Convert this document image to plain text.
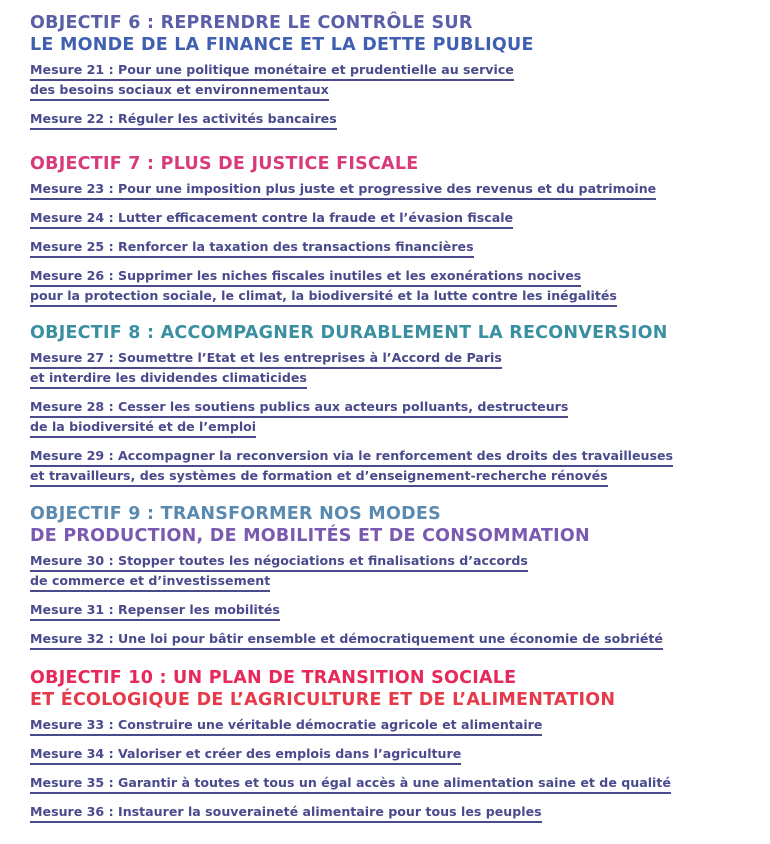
OBJECTIF 6 : REPRENDRE LE CONTRÔLE SUR
LE MONDE DE LA FINANCE ET LA DETTE PUBLIQUE
Mesure 21 : Pour une politique monétaire et prudentielle au service
des besoins sociaux et environnementaux
Mesure 22 : Réguler les activités bancaires
OBJECTIF 7 : PLUS DE JUSTICE FISCALE
Mesure 23 : Pour une imposition plus juste et progressive des revenus et du patrimoine
Mesure 24 : Lutter efficacement contre la fraude et l’évasion fiscale
Mesure 25 : Renforcer la taxation des transactions financières
Mesure 26 : Supprimer les niches fiscales inutiles et les exonérations nocives
pour la protection sociale, le climat, la biodiversité et la lutte contre les inégalités
OBJECTIF 8 : ACCOMPAGNER DURABLEMENT LA RECONVERSION
Mesure 27 : Soumettre l’Etat et les entreprises à l’Accord de Paris
et interdire les dividendes climaticides
Mesure 28 : Cesser les soutiens publics aux acteurs polluants, destructeurs
de la biodiversité et de l’emploi
Mesure 29 : Accompagner la reconversion via le renforcement des droits des travailleuses
et travailleurs, des systèmes de formation et d’enseignement-recherche rénovés
OBJECTIF 9 : TRANSFORMER NOS MODES
DE PRODUCTION, DE MOBILITÉS ET DE CONSOMMATION
Mesure 30 : Stopper toutes les négociations et finalisations d’accords
de commerce et d’investissement
Mesure 31 : Repenser les mobilités
Mesure 32 : Une loi pour bâtir ensemble et démocratiquement une économie de sobriété
OBJECTIF 10 : UN PLAN DE TRANSITION SOCIALE
ET ÉCOLOGIQUE DE L’AGRICULTURE ET DE L’ALIMENTATION
Mesure 33 : Construire une véritable démocratie agricole et alimentaire
Mesure 34 : Valoriser et créer des emplois dans l’agriculture
Mesure 35 : Garantir à toutes et tous un égal accès à une alimentation saine et de qualité
Mesure 36 : Instaurer la souveraineté alimentaire pour tous les peuples
